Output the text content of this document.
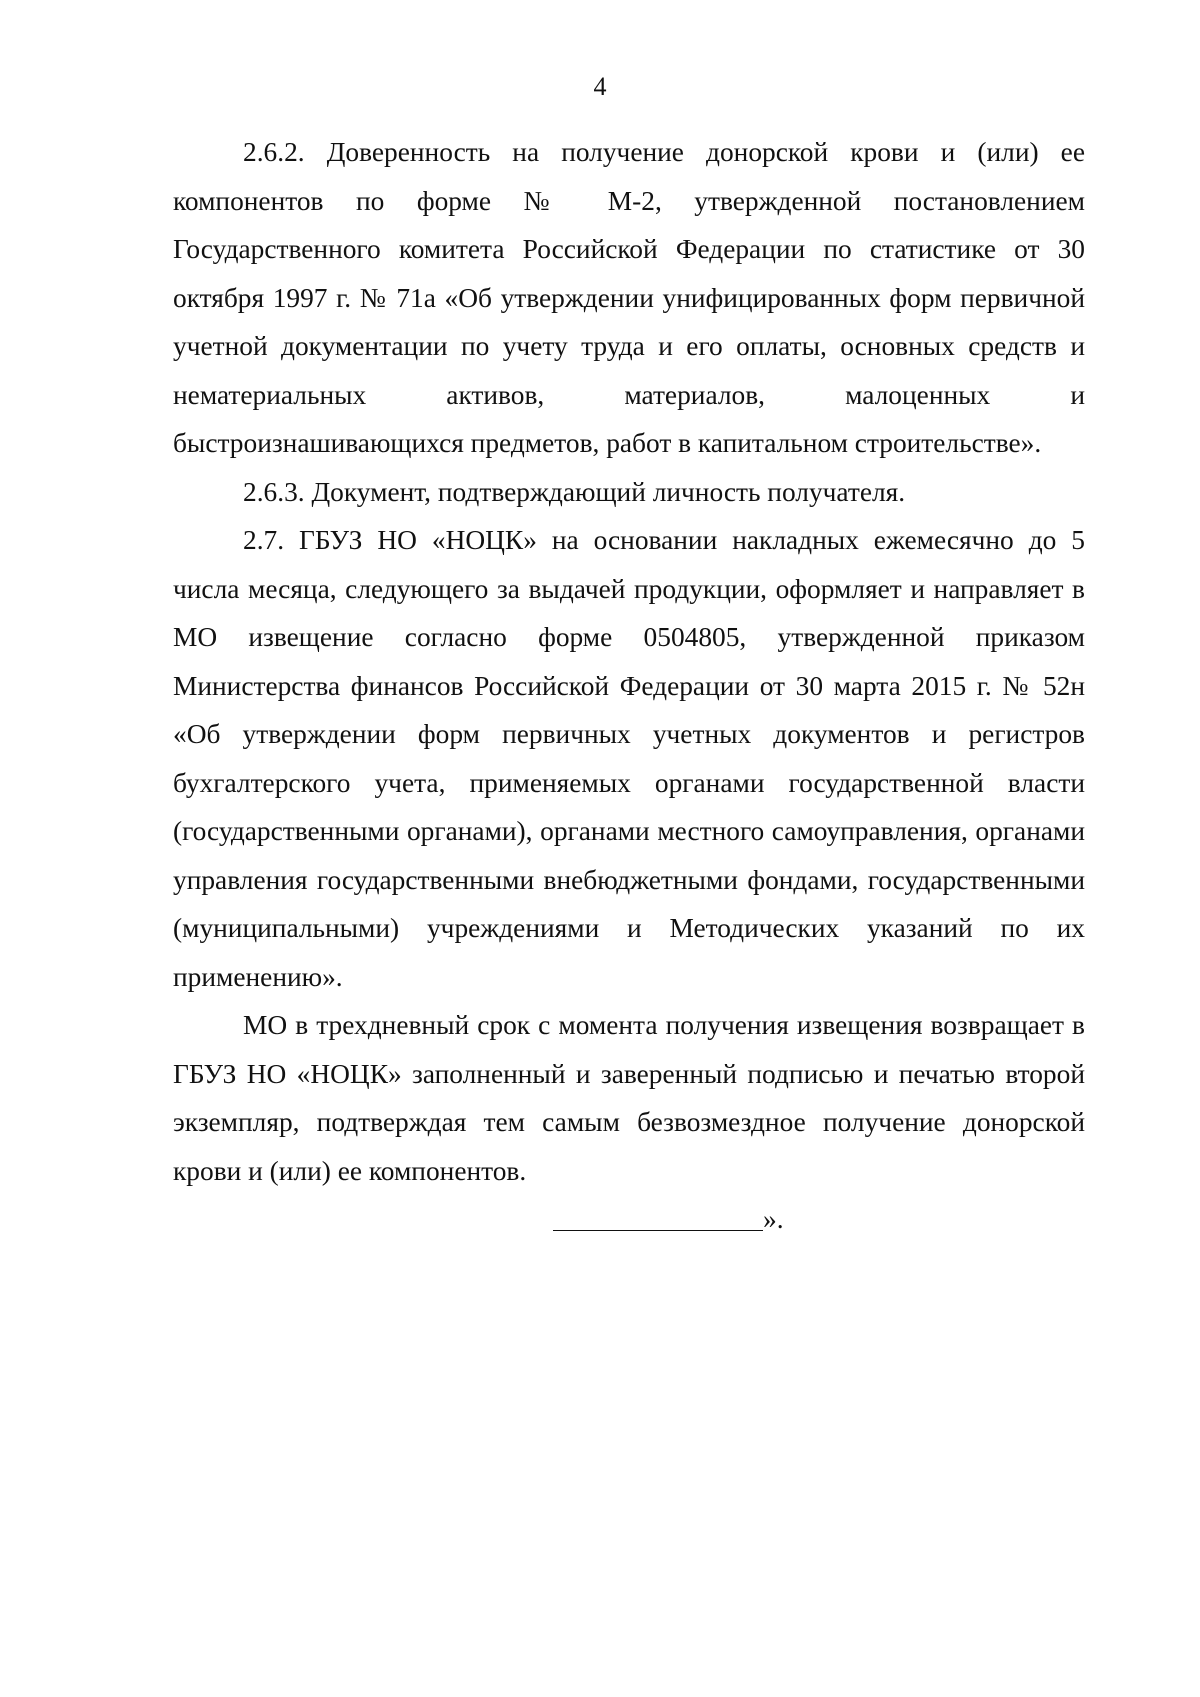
4

2.6.2. Доверенность на получение донорской крови и (или) ее компонентов по форме № М-2, утвержденной постановлением Государственного комитета Российской Федерации по статистике от 30 октября 1997 г. № 71а «Об утверждении унифицированных форм первичной учетной документации по учету труда и его оплаты, основных средств и нематериальных активов, материалов, малоценных и быстроизнашивающихся предметов, работ в капитальном строительстве».

2.6.3. Документ, подтверждающий личность получателя.

2.7. ГБУЗ НО «НОЦК» на основании накладных ежемесячно до 5 числа месяца, следующего за выдачей продукции, оформляет и направляет в МО извещение согласно форме 0504805, утвержденной приказом Министерства финансов Российской Федерации от 30 марта 2015 г. № 52н «Об утверждении форм первичных учетных документов и регистров бухгалтерского учета, применяемых органами государственной власти (государственными органами), органами местного самоуправления, органами управления государственными внебюджетными фондами, государственными (муниципальными) учреждениями и Методических указаний по их применению».

МО в трехдневный срок с момента получения извещения возвращает в ГБУЗ НО «НОЦК» заполненный и заверенный подписью и печатью второй экземпляр, подтверждая тем самым безвозмездное получение донорской крови и (или) ее компонентов.

».
